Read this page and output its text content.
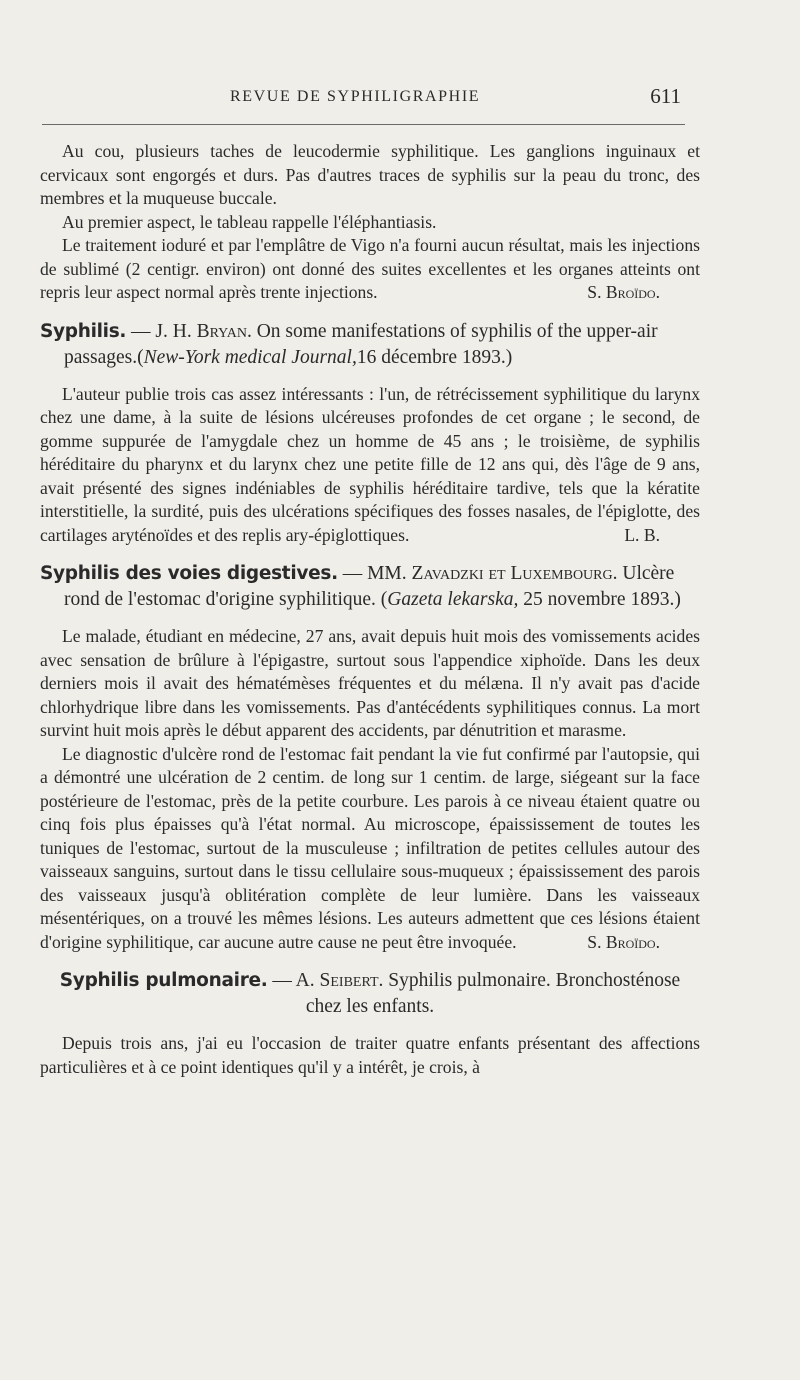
REVUE DE SYPHILIGRAPHIE	611

Au cou, plusieurs taches de leucodermie syphilitique. Les ganglions inguinaux et cervicaux sont engorgés et durs. Pas d'autres traces de syphilis sur la peau du tronc, des membres et la muqueuse buccale.

Au premier aspect, le tableau rappelle l'éléphantiasis.

Le traitement ioduré et par l'emplâtre de Vigo n'a fourni aucun résultat, mais les injections de sublimé (2 centigr. environ) ont donné des suites excellentes et les organes atteints ont repris leur aspect normal après trente injections.	S. Broïdo.

Syphilis. — J. H. Bryan. On some manifestations of syphilis of the upper-air passages.(New-York medical Journal,16 décembre 1893.)

L'auteur publie trois cas assez intéressants : l'un, de rétrécissement syphilitique du larynx chez une dame, à la suite de lésions ulcéreuses profondes de cet organe ; le second, de gomme suppurée de l'amygdale chez un homme de 45 ans ; le troisième, de syphilis héréditaire du pharynx et du larynx chez une petite fille de 12 ans qui, dès l'âge de 9 ans, avait présenté des signes indéniables de syphilis héréditaire tardive, tels que la kératite interstitielle, la surdité, puis des ulcérations spécifiques des fosses nasales, de l'épiglotte, des cartilages aryténoïdes et des replis ary-épiglottiques.	L. B.

Syphilis des voies digestives. — MM. Zavadzki et Luxembourg. Ulcère rond de l'estomac d'origine syphilitique. (Gazeta lekarska, 25 novembre 1893.)

Le malade, étudiant en médecine, 27 ans, avait depuis huit mois des vomissements acides avec sensation de brûlure à l'épigastre, surtout sous l'appendice xiphoïde. Dans les deux derniers mois il avait des hématémèses fréquentes et du mélæna. Il n'y avait pas d'acide chlorhydrique libre dans les vomissements. Pas d'antécédents syphilitiques connus. La mort survint huit mois après le début apparent des accidents, par dénutrition et marasme.

Le diagnostic d'ulcère rond de l'estomac fait pendant la vie fut confirmé par l'autopsie, qui a démontré une ulcération de 2 centim. de long sur 1 centim. de large, siégeant sur la face postérieure de l'estomac, près de la petite courbure. Les parois à ce niveau étaient quatre ou cinq fois plus épaisses qu'à l'état normal. Au microscope, épaississement de toutes les tuniques de l'estomac, surtout de la musculeuse ; infiltration de petites cellules autour des vaisseaux sanguins, surtout dans le tissu cellulaire sous-muqueux ; épaississement des parois des vaisseaux jusqu'à oblitération complète de leur lumière. Dans les vaisseaux mésentériques, on a trouvé les mêmes lésions. Les auteurs admettent que ces lésions étaient d'origine syphilitique, car aucune autre cause ne peut être invoquée.	S. Broïdo.

Syphilis pulmonaire. — A. Seibert. Syphilis pulmonaire. Bronchosténose chez les enfants.

Depuis trois ans, j'ai eu l'occasion de traiter quatre enfants présentant des affections particulières et à ce point identiques qu'il y a intérêt, je crois, à
